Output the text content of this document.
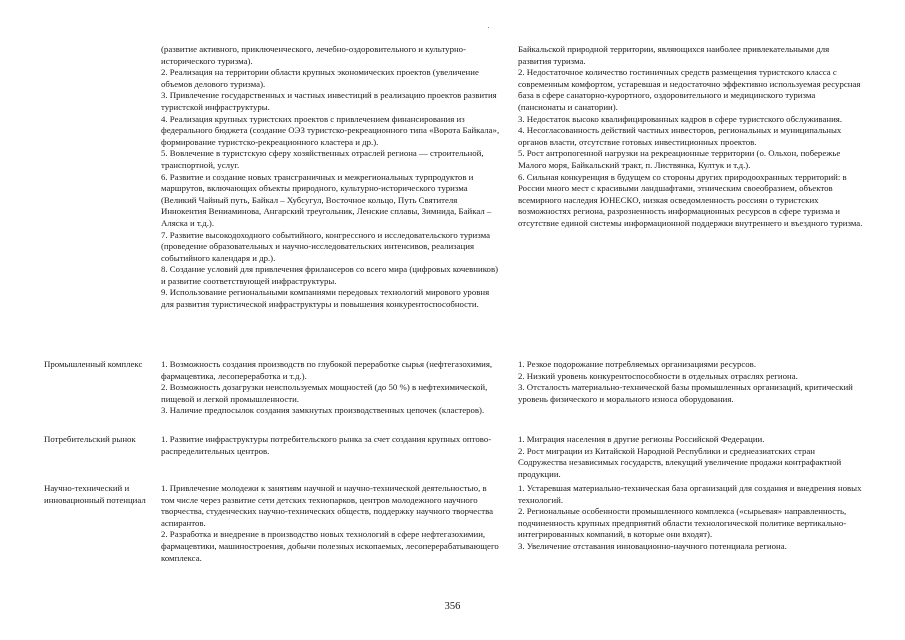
(развитие активного, приключенческого, лечебно-оздоровительного и культурно-исторического туризма).

2. Реализация на территории области крупных экономических проектов (увеличение объемов делового туризма).

3. Привлечение государственных и частных инвестиций в реализацию проектов развития туристской инфраструктуры.

4. Реализация крупных туристских проектов с привлечением финансирования из федерального бюджета (создание ОЭЗ туристско-рекреационного типа «Ворота Байкала», формирование туристско-рекреационного кластера и др.).

5. Вовлечение в туристскую сферу хозяйственных отраслей региона — строительной, транспортной, услуг.

6. Развитие и создание новых трансграничных и межрегиональных турпродуктов и маршрутов, включающих объекты природного, культурно-исторического туризма (Великий Чайный путь, Байкал – Хубсугул, Восточное кольцо, Путь Святителя Иннокентия Вениаминова, Ангарский треугольник, Ленские сплавы, Зимнида, Байкал – Аляска и т.д.).

7. Развитие высокодоходного событийного, конгрессного и исследовательского туризма (проведение образовательных и научно-исследовательских интенсивов, реализация событийного календаря и др.).

8. Создание условий для привлечения фрилансеров со всего мира (цифровых кочевников) и развитие соответствующей инфраструктуры.

9. Использование региональными компаниями передовых технологий мирового уровня для развития туристической инфраструктуры и повышения конкурентоспособности.

Байкальской природной территории, являющихся наиболее привлекательными для развития туризма.

2. Недостаточное количество гостиничных средств размещения туристского класса с современным комфортом, устаревшая и недостаточно эффективно используемая ресурсная база в сфере санаторно-курортного, оздоровительного и медицинского туризма (пансионаты и санатории).

3. Недостаток высоко квалифицированных кадров в сфере туристского обслуживания.

4. Несогласованность действий частных инвесторов, региональных и муниципальных органов власти, отсутствие готовых инвестиционных проектов.

5. Рост антропогенной нагрузки на рекреационные территории (о. Ольхон, побережье Малого моря, Байкальский тракт, п. Листвянка, Култук и т.д.).

6. Сильная конкуренция в будущем со стороны других природоохранных территорий: в России много мест с красивыми ландшафтами, этническим своеобразием, объектов всемирного наследия ЮНЕСКО, низкая осведомленность россиян о туристских возможностях региона, разрозненность информационных ресурсов в сфере туризма и отсутствие единой системы информационной поддержки внутреннего и въездного туризма.

Промышленный комплекс	1. Возможность создания производств по глубокой переработке сырья (нефтегазохимия, фармацевтика, лесопереработка и т.д.).

2. Возможность дозагрузки неиспользуемых мощностей (до 50 %) в нефтехимической, пищевой и легкой промышленности.

3. Наличие предпосылок создания замкнутых производственных цепочек (кластеров).

1. Резкое подорожание потребляемых организациями ресурсов.

2. Низкий уровень конкурентоспособности в отдельных отраслях региона.

3. Отсталость материально-технической базы промышленных организаций, критический уровень физического и морального износа оборудования.

Потребительский рынок	1. Развитие инфраструктуры потребительского рынка за счет создания крупных оптово-распределительных центров.

1. Миграция населения в другие регионы Российской Федерации.

2. Рост миграции из Китайской Народной Республики и среднеазиатских стран Содружества независимых государств, влекущий увеличение продажи контрафактной продукции.

Научно-технический и инновационный потенциал

1. Привлечение молодежи к занятиям научной и научно-технической деятельностью, в том числе через развитие сети детских технопарков, центров молодежного научного творчества, студенческих научно-технических обществ, поддержку научного творчества аспирантов.

2. Разработка и внедрение в производство новых технологий в сфере нефтегазохимии, фармацевтики, машиностроения, добычи полезных ископаемых, лесоперерабатывающего комплекса.

1. Устаревшая материально-техническая база организаций для создания и внедрения новых технологий.

2. Региональные особенности промышленного комплекса («сырьевая» направленность, подчиненность крупных предприятий области технологической политике вертикально-интегрированных компаний, в которые они входят).

3. Увеличение отставания инновационно-научного потенциала региона.

356
